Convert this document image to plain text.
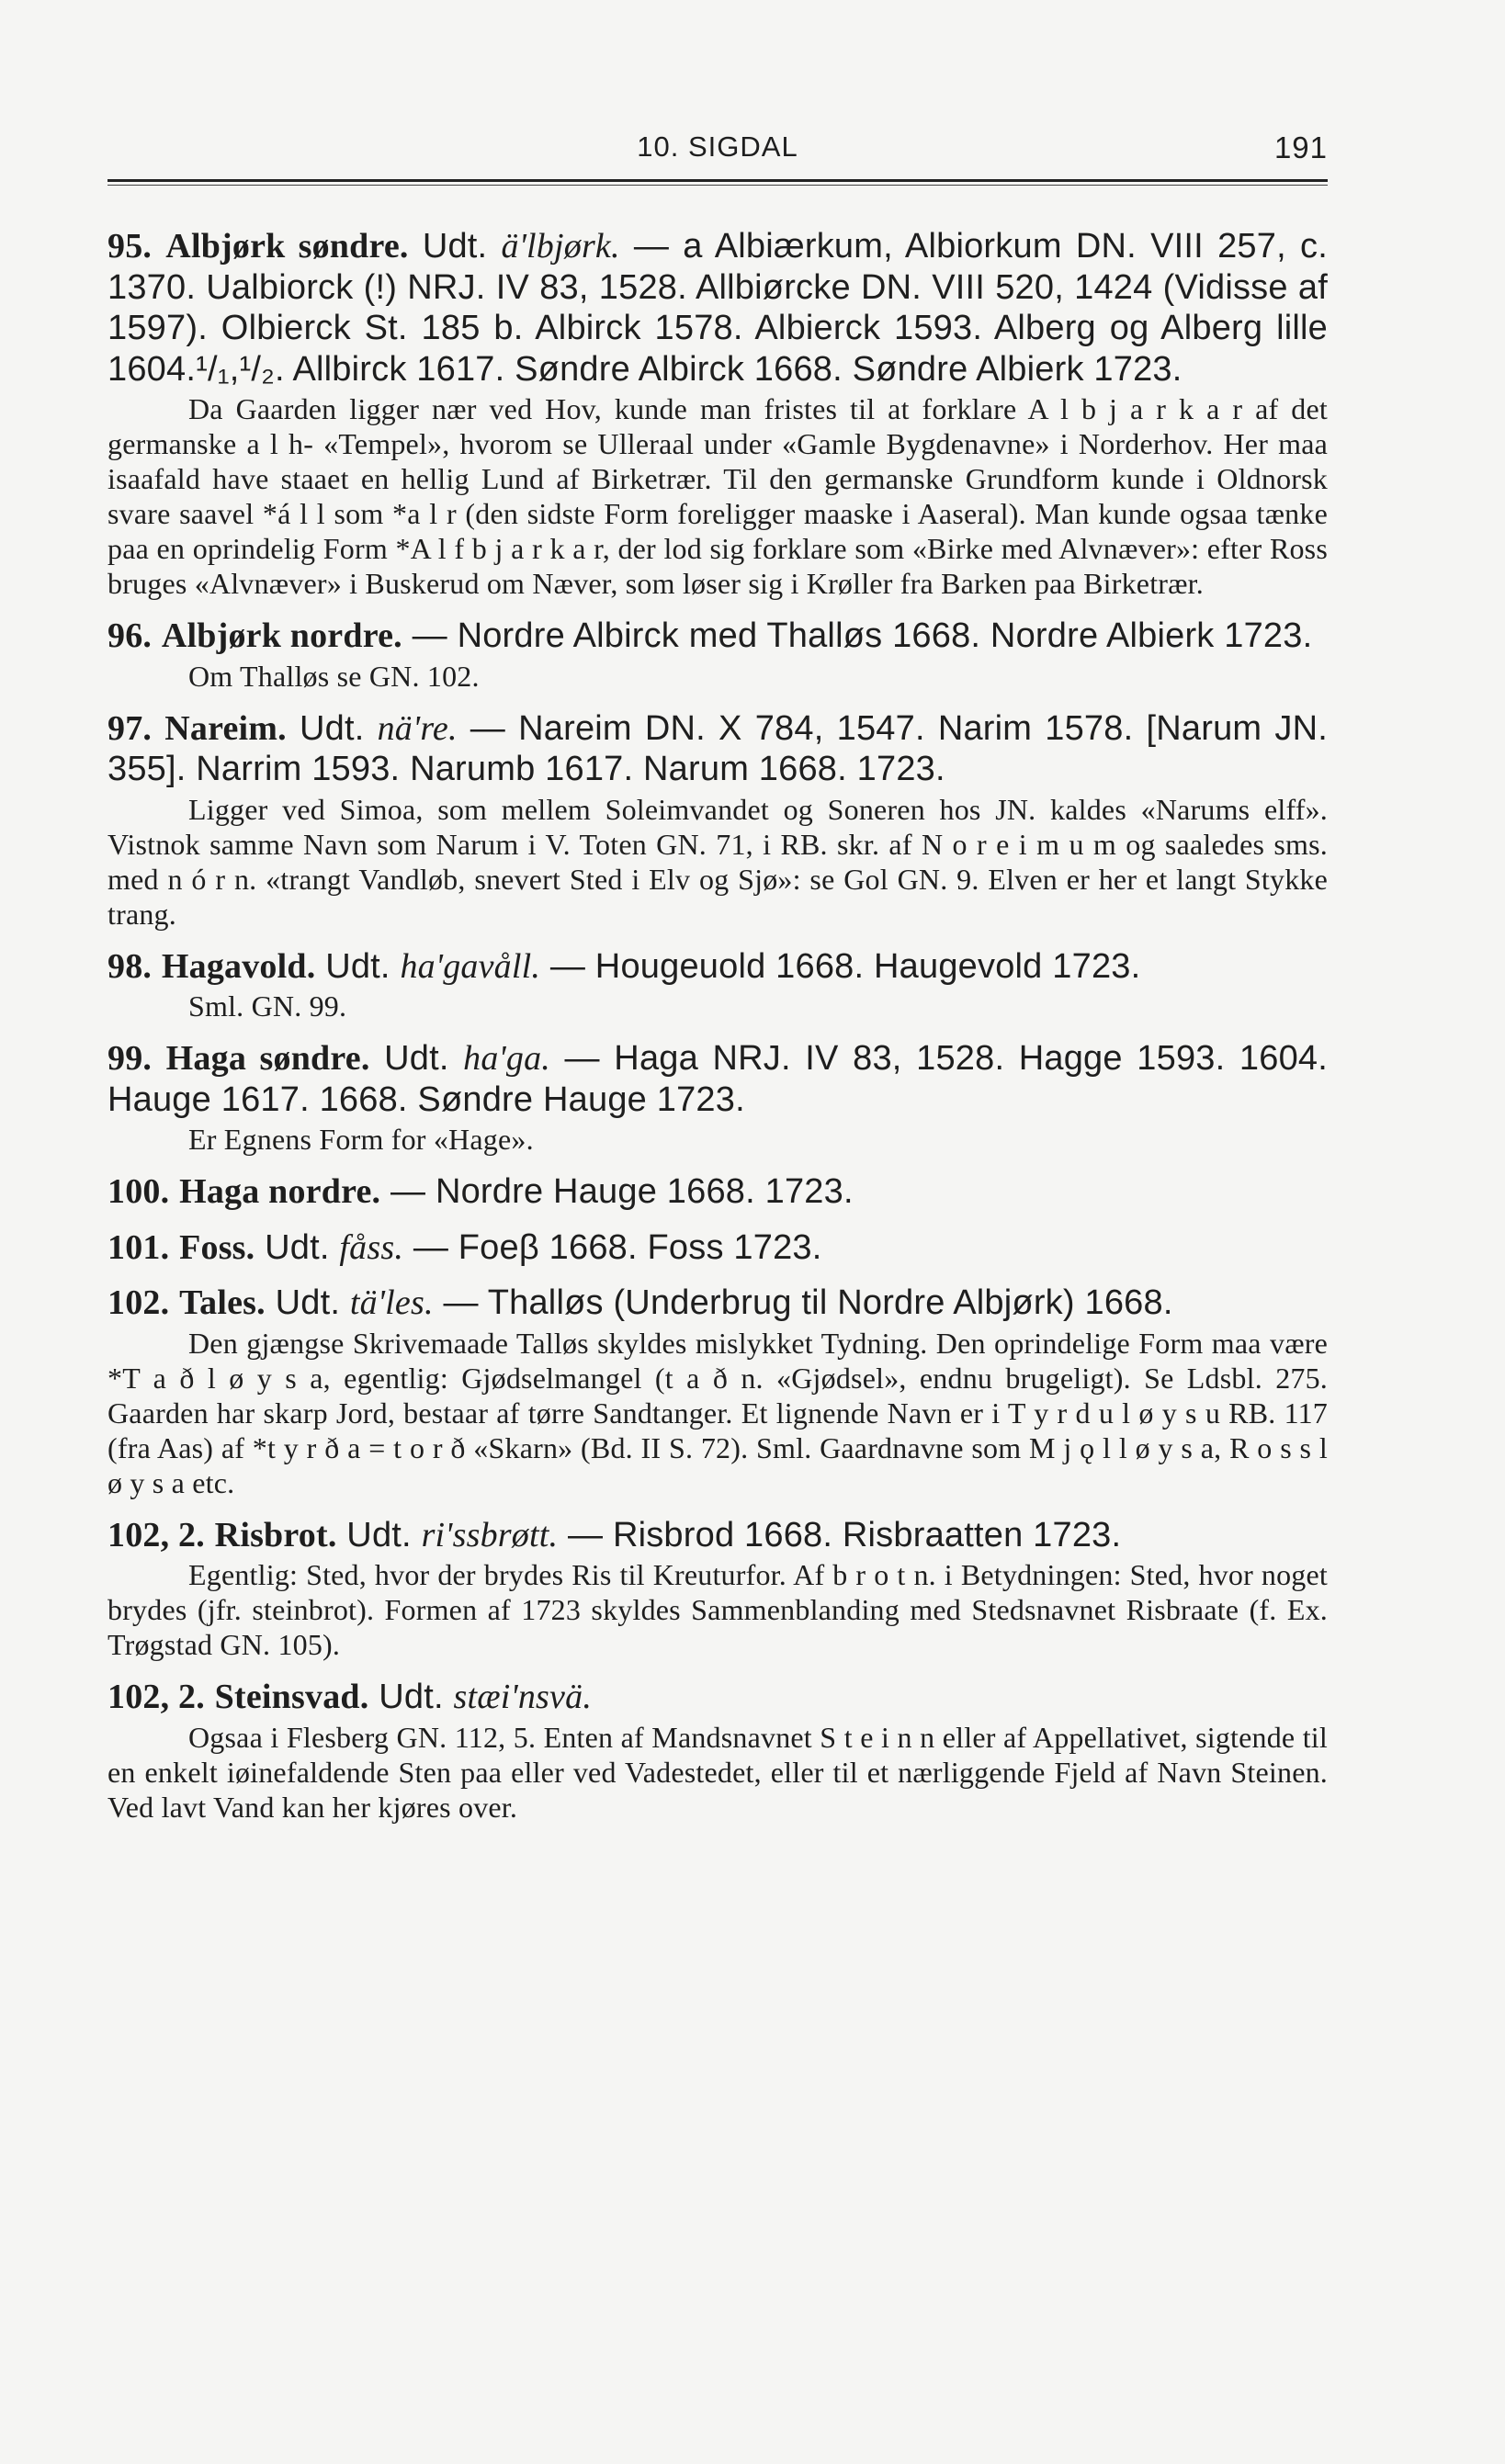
10. SIGDAL	191

95. Albjørk søndre. Udt. ä'lbjørk. — a Albiærkum, Albiorkum DN. VIII 257, c. 1370. Ualbiorck (!) NRJ. IV 83, 1528. Allbiørcke DN. VIII 520, 1424 (Vidisse af 1597). Olbierck St. 185 b. Albirck 1578. Albierck 1593. Alberg og Alberg lille 1604.¹/₁,¹/₂. Allbirck 1617. Søndre Albirck 1668. Søndre Albierk 1723.

Da Gaarden ligger nær ved Hov, kunde man fristes til at forklare A l b j a r k a r af det germanske a l h- «Tempel», hvorom se Ulleraal under «Gamle Bygdenavne» i Norderhov. Her maa isaafald have staaet en hellig Lund af Birketrær. Til den germanske Grundform kunde i Oldnorsk svare saavel *á l l som *a l r (den sidste Form foreligger maaske i Aaseral). Man kunde ogsaa tænke paa en oprindelig Form *A l f b j a r k a r, der lod sig forklare som «Birke med Alvnæver»: efter Ross bruges «Alvnæver» i Buskerud om Næver, som løser sig i Krøller fra Barken paa Birketrær.

96. Albjørk nordre. — Nordre Albirck med Thalløs 1668. Nordre Albierk 1723.

Om Thalløs se GN. 102.

97. Nareim. Udt. nä're. — Nareim DN. X 784, 1547. Narim 1578. [Narum JN. 355]. Narrim 1593. Narumb 1617. Narum 1668. 1723.

Ligger ved Simoa, som mellem Soleimvandet og Soneren hos JN. kaldes «Narums elff». Vistnok samme Navn som Narum i V. Toten GN. 71, i RB. skr. af N o r e i m u m og saaledes sms. med n ó r n. «trangt Vandløb, snevert Sted i Elv og Sjø»: se Gol GN. 9. Elven er her et langt Stykke trang.

98. Hagavold. Udt. ha'gavåll. — Hougeuold 1668. Haugevold 1723.

Sml. GN. 99.

99. Haga søndre. Udt. ha'ga. — Haga NRJ. IV 83, 1528. Hagge 1593. 1604. Hauge 1617. 1668. Søndre Hauge 1723.

Er Egnens Form for «Hage».

100. Haga nordre. — Nordre Hauge 1668. 1723.

101. Foss. Udt. fåss. — Foeβ 1668. Foss 1723.

102. Tales. Udt. tä'les. — Thalløs (Underbrug til Nordre Albjørk) 1668.

Den gjængse Skrivemaade Talløs skyldes mislykket Tydning. Den oprindelige Form maa være *T a ð l ø y s a, egentlig: Gjødselmangel (t a ð n. «Gjødsel», endnu brugeligt). Se Ldsbl. 275. Gaarden har skarp Jord, bestaar af tørre Sandtanger. Et lignende Navn er i T y r d u l ø y s u RB. 117 (fra Aas) af *t y r ð a = t o r ð «Skarn» (Bd. II S. 72). Sml. Gaardnavne som M j ǫ l l ø y s a, R o s s l ø y s a etc.

102, 2. Risbrot. Udt. ri'ssbrøtt. — Risbrod 1668. Risbraatten 1723.

Egentlig: Sted, hvor der brydes Ris til Kreuturfor. Af b r o t n. i Betydningen: Sted, hvor noget brydes (jfr. steinbrot). Formen af 1723 skyldes Sammenblanding med Stedsnavnet Risbraate (f. Ex. Trøgstad GN. 105).

102, 2. Steinsvad. Udt. stæi'nsvä.

Ogsaa i Flesberg GN. 112, 5. Enten af Mandsnavnet S t e i n n eller af Appellativet, sigtende til en enkelt iøinefaldende Sten paa eller ved Vadestedet, eller til et nærliggende Fjeld af Navn Steinen. Ved lavt Vand kan her kjøres over.
